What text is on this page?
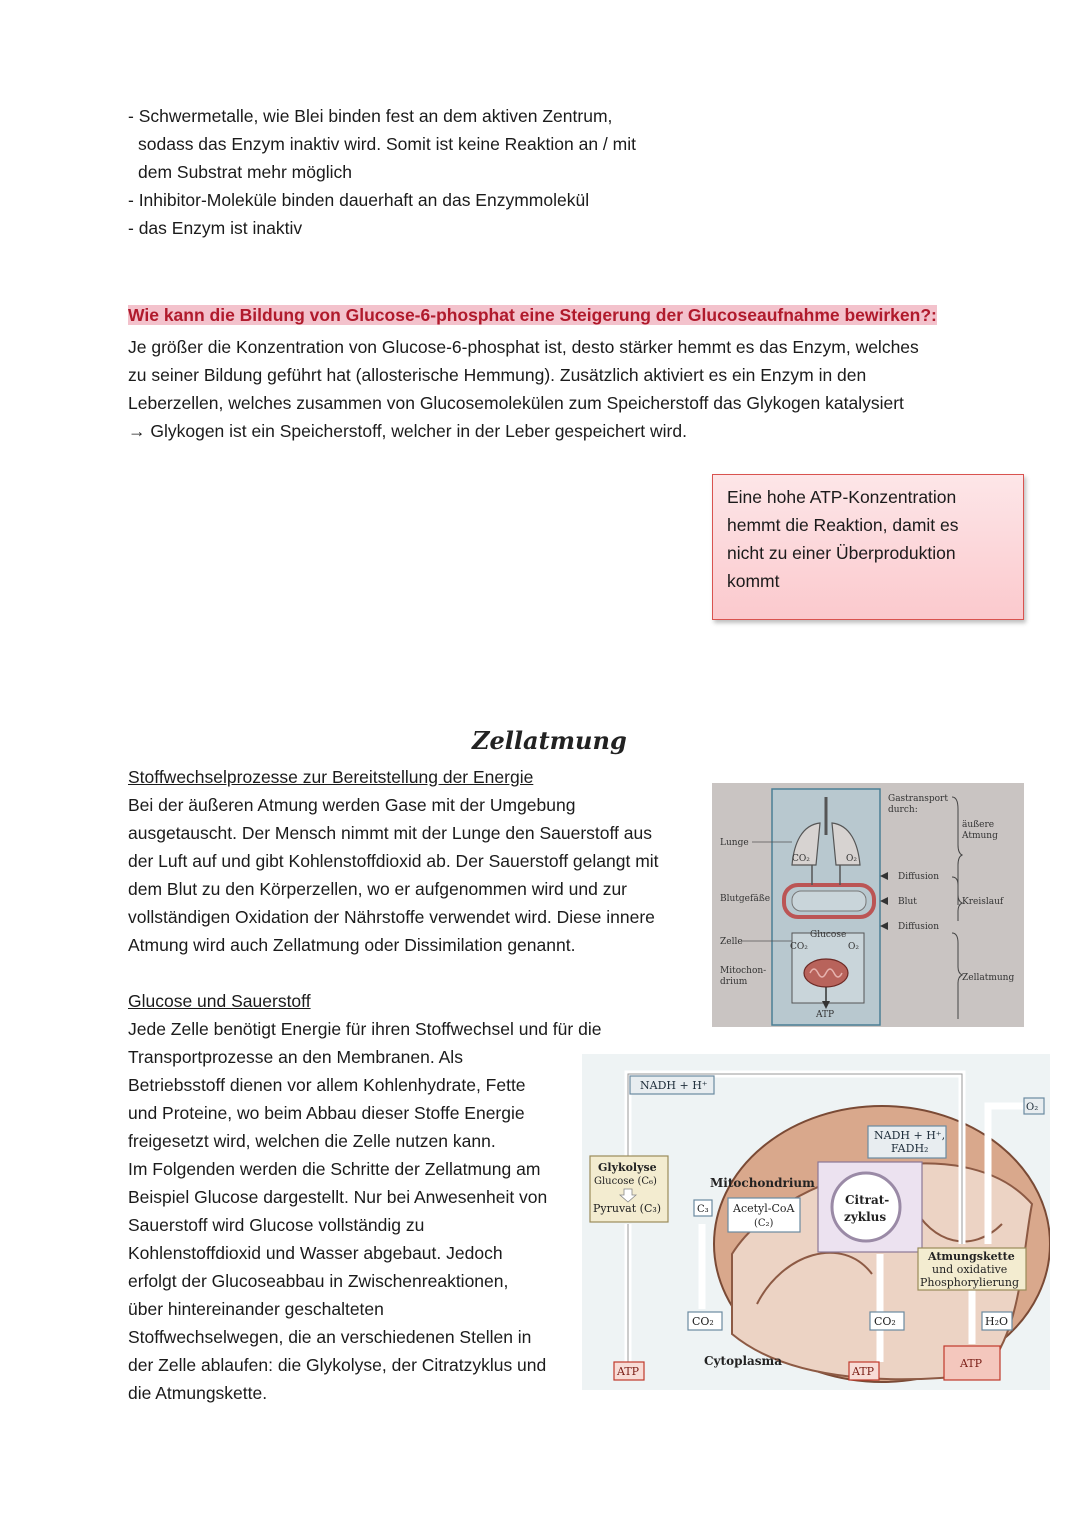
- Schwermetalle, wie Blei binden fest an dem aktiven Zentrum,
sodass das Enzym inaktiv wird. Somit ist keine Reaktion an / mit
dem Substrat mehr möglich
- Inhibitor-Moleküle binden dauerhaft an das Enzymmolekül
- das Enzym ist inaktiv
Wie kann die Bildung von Glucose-6-phosphat eine Steigerung der Glucoseaufnahme bewirken?:
Je größer die Konzentration von Glucose-6-phosphat ist, desto stärker hemmt es das Enzym, welches
zu seiner Bildung geführt hat (allosterische Hemmung). Zusätzlich aktiviert es ein Enzym in den
Leberzellen, welches zusammen von Glucosemolekülen zum Speicherstoff das Glykogen katalysiert
→ Glykogen ist ein Speicherstoff, welcher in der Leber gespeichert wird.
Eine hohe ATP-Konzentration
hemmt die Reaktion, damit es
nicht zu einer Überproduktion
kommt
Zellatmung
Stoffwechselprozesse zur Bereitstellung der Energie
Bei der äußeren Atmung werden Gase mit der Umgebung
ausgetauscht. Der Mensch nimmt mit der Lunge den Sauerstoff aus
der Luft auf und gibt Kohlenstoffdioxid ab. Der Sauerstoff gelangt mit
dem Blut zu den Körperzellen, wo er aufgenommen wird und zur
vollständigen Oxidation der Nährstoffe verwendet wird. Diese innere
Atmung wird auch Zellatmung oder Dissimilation genannt.
Glucose und Sauerstoff
Jede Zelle benötigt Energie für ihren Stoffwechsel und für die
Transportprozesse an den Membranen. Als
Betriebsstoff dienen vor allem Kohlenhydrate, Fette
und Proteine, wo beim Abbau dieser Stoffe Energie
freigesetzt wird, welchen die Zelle nutzen kann.
Im Folgenden werden die Schritte der Zellatmung am
Beispiel Glucose dargestellt. Nur bei Anwesenheit von
Sauerstoff wird Glucose vollständig zu
Kohlenstoffdioxid und Wasser abgebaut. Jedoch
erfolgt der Glucoseabbau in Zwischenreaktionen,
über hintereinander geschalteten
Stoffwechselwegen, die an verschiedenen Stellen in
der Zelle ablaufen: die Glykolyse, der Citratzyklus und
die Atmungskette.
Lunge
Blutgefäße
Zelle
Mitochon-
drium
CO₂	O₂
Glucose
CO₂	O₂
ATP
Gastransport
durch:
Diffusion
Blut
Diffusion
äußere
Atmung
Kreislauf
Zellatmung
NADH + H⁺
O₂
NADH + H⁺,
FADH₂
Glykolyse
Glucose (C₆)
Pyruvat (C₃)
Mitochondrium
C₃ Acetyl-CoA
(C₂)
Citrat-
zyklus
Atmungskette
und oxidative
Phosphorylierung
CO₂	CO₂	H₂O
Cytoplasma
ATP	ATP
ATP
